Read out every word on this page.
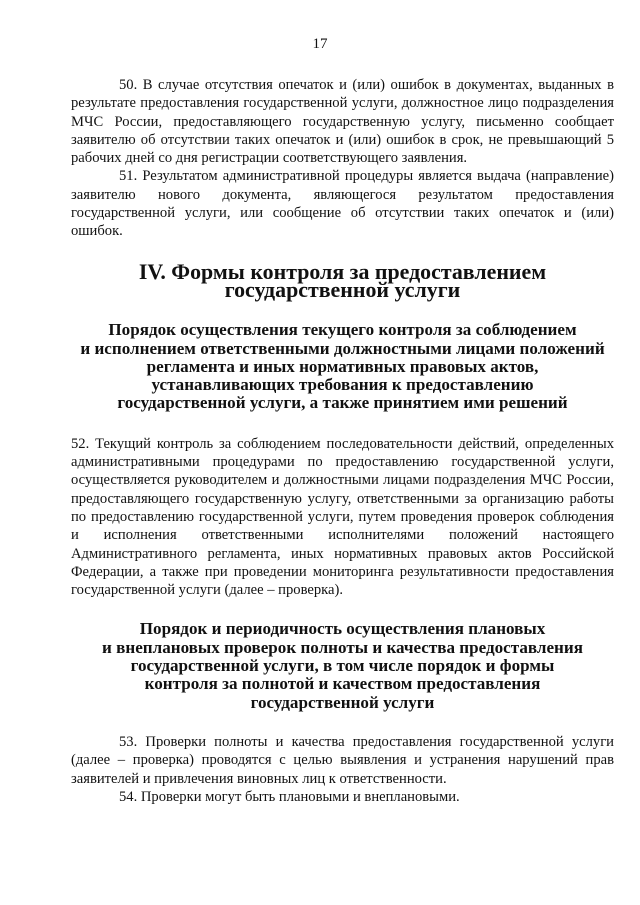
17

50. В случае отсутствия опечаток и (или) ошибок в документах, выданных в результате предоставления государственной услуги, должностное лицо подразделения МЧС России, предоставляющего государственную услугу, письменно сообщает заявителю об отсутствии таких опечаток и (или) ошибок в срок, не превышающий 5 рабочих дней со дня регистрации соответствующего заявления.

51. Результатом административной процедуры является выдача (направление) заявителю нового документа, являющегося результатом предоставления государственной услуги, или сообщение об отсутствии таких опечаток и (или) ошибок.

IV. Формы контроля за предоставлением
государственной услуги
Порядок осуществления текущего контроля за соблюдением
и исполнением ответственными должностными лицами положений
регламента и иных нормативных правовых актов,
устанавливающих требования к предоставлению
государственной услуги, а также принятием ими решений

52. Текущий контроль за соблюдением последовательности действий, определенных административными процедурами по предоставлению государственной услуги, осуществляется руководителем и должностными лицами подразделения МЧС России, предоставляющего государственную услугу, ответственными за организацию работы по предоставлению государственной услуги, путем проведения проверок соблюдения и исполнения ответственными исполнителями положений настоящего Административного регламента, иных нормативных правовых актов Российской Федерации, а также при проведении мониторинга результативности предоставления государственной услуги (далее – проверка).

Порядок и периодичность осуществления плановых
и внеплановых проверок полноты и качества предоставления
государственной услуги, в том числе порядок и формы
контроля за полнотой и качеством предоставления
государственной услуги

53. Проверки полноты и качества предоставления государственной услуги (далее – проверка) проводятся с целью выявления и устранения нарушений прав заявителей и привлечения виновных лиц к ответственности.

54. Проверки могут быть плановыми и внеплановыми.
